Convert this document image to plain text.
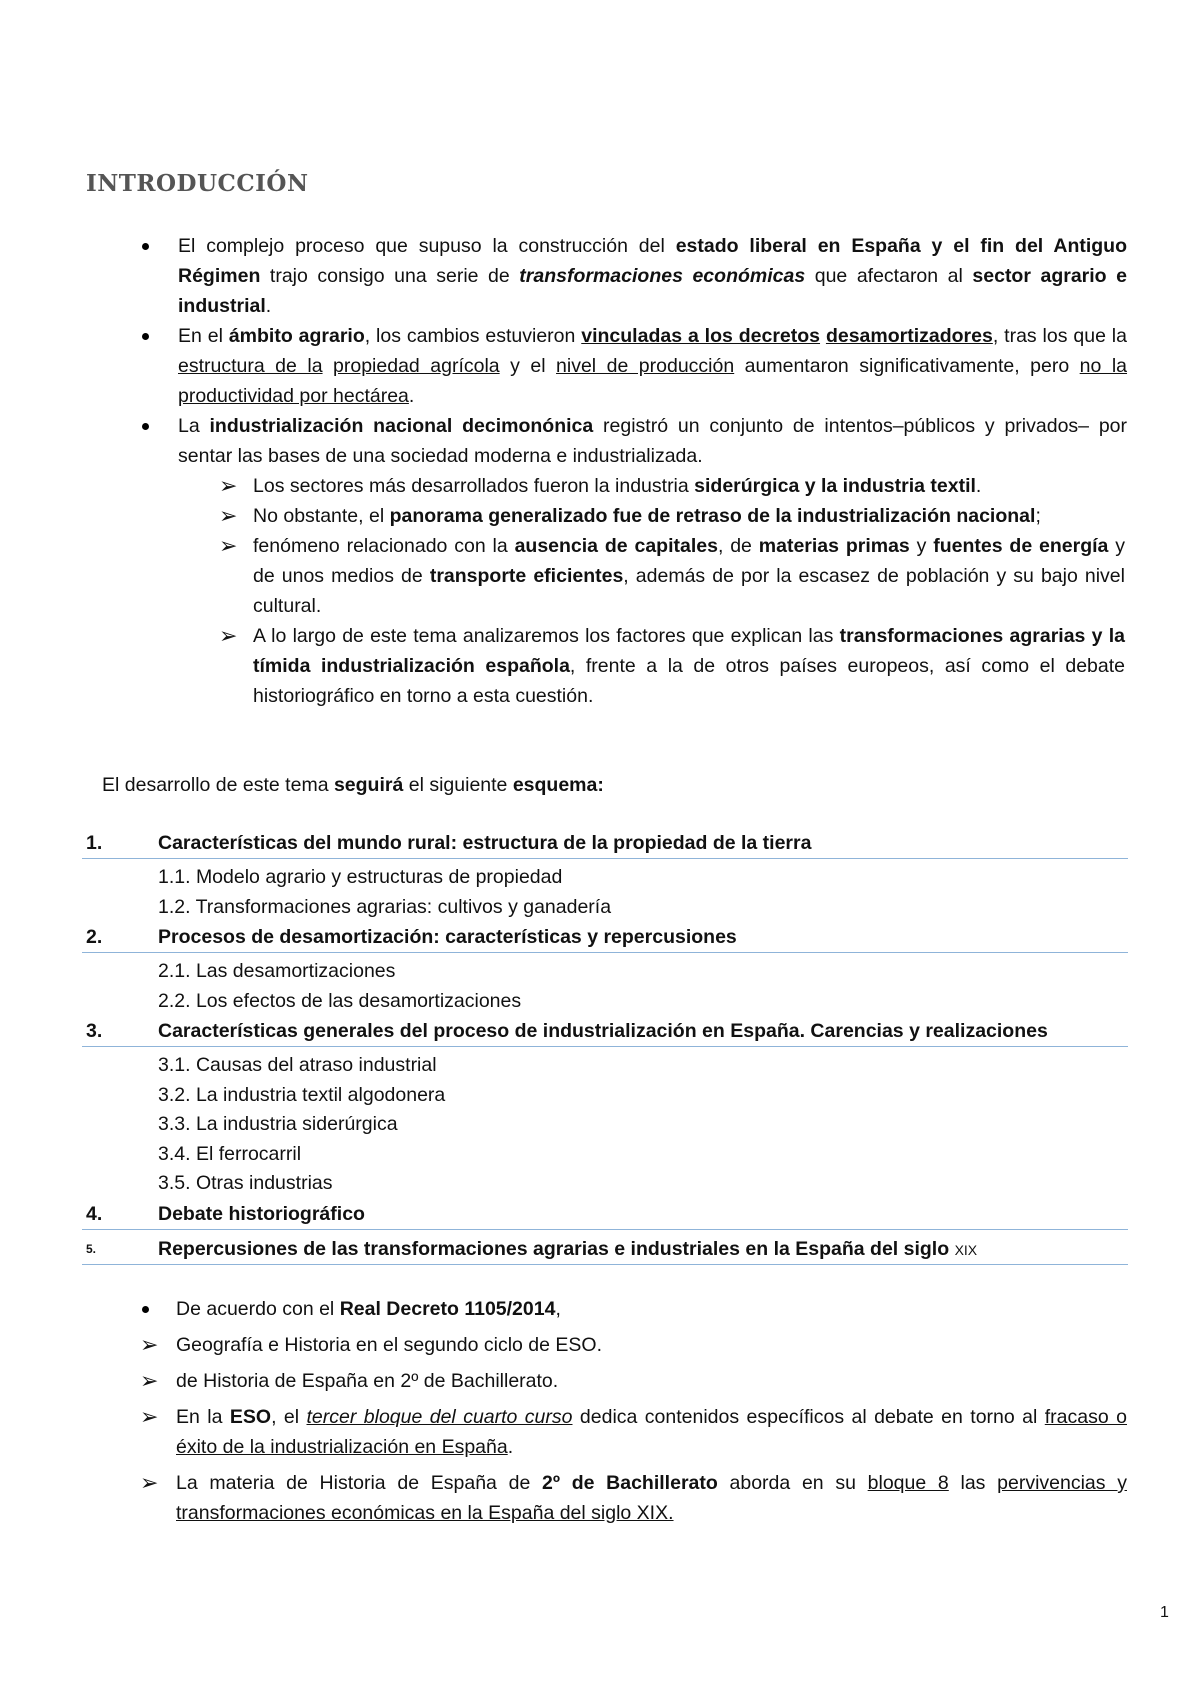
INTRODUCCIÓN
El complejo proceso que supuso la construcción del estado liberal en España y el fin del Antiguo Régimen trajo consigo una serie de transformaciones económicas que afectaron al sector agrario e industrial.
En el ámbito agrario, los cambios estuvieron vinculadas a los decretos desamortizadores, tras los que la estructura de la propiedad agrícola y el nivel de producción aumentaron significativamente, pero no la productividad por hectárea.
La industrialización nacional decimonónica registró un conjunto de intentos–públicos y privados– por sentar las bases de una sociedad moderna e industrializada.
➢ Los sectores más desarrollados fueron la industria siderúrgica y la industria textil.
➢ No obstante, el panorama generalizado fue de retraso de la industrialización nacional;
➢ fenómeno relacionado con la ausencia de capitales, de materias primas y fuentes de energía y de unos medios de transporte eficientes, además de por la escasez de población y su bajo nivel cultural.
➢ A lo largo de este tema analizaremos los factores que explican las transformaciones agrarias y la tímida industrialización española, frente a la de otros países europeos, así como el debate historiográfico en torno a esta cuestión.

El desarrollo de este tema seguirá el siguiente esquema:

1.	Características del mundo rural: estructura de la propiedad de la tierra
1.1. Modelo agrario y estructuras de propiedad
1.2. Transformaciones agrarias: cultivos y ganadería
2.	Procesos de desamortización: características y repercusiones
2.1. Las desamortizaciones
2.2. Los efectos de las desamortizaciones
3.	Características generales del proceso de industrialización en España. Carencias y realizaciones
3.1. Causas del atraso industrial
3.2. La industria textil algodonera
3.3. La industria siderúrgica
3.4. El ferrocarril
3.5. Otras industrias
4.	Debate historiográfico
5.	Repercusiones de las transformaciones agrarias e industriales en la España del siglo XIX
De acuerdo con el Real Decreto 1105/2014,
➢ Geografía e Historia en el segundo ciclo de ESO.
➢ de Historia de España en 2º de Bachillerato.
➢ En la ESO, el tercer bloque del cuarto curso dedica contenidos específicos al debate en torno al fracaso o éxito de la industrialización en España.
➢ La materia de Historia de España de 2º de Bachillerato aborda en su bloque 8 las pervivencias y transformaciones económicas en la España del siglo XIX.
1
